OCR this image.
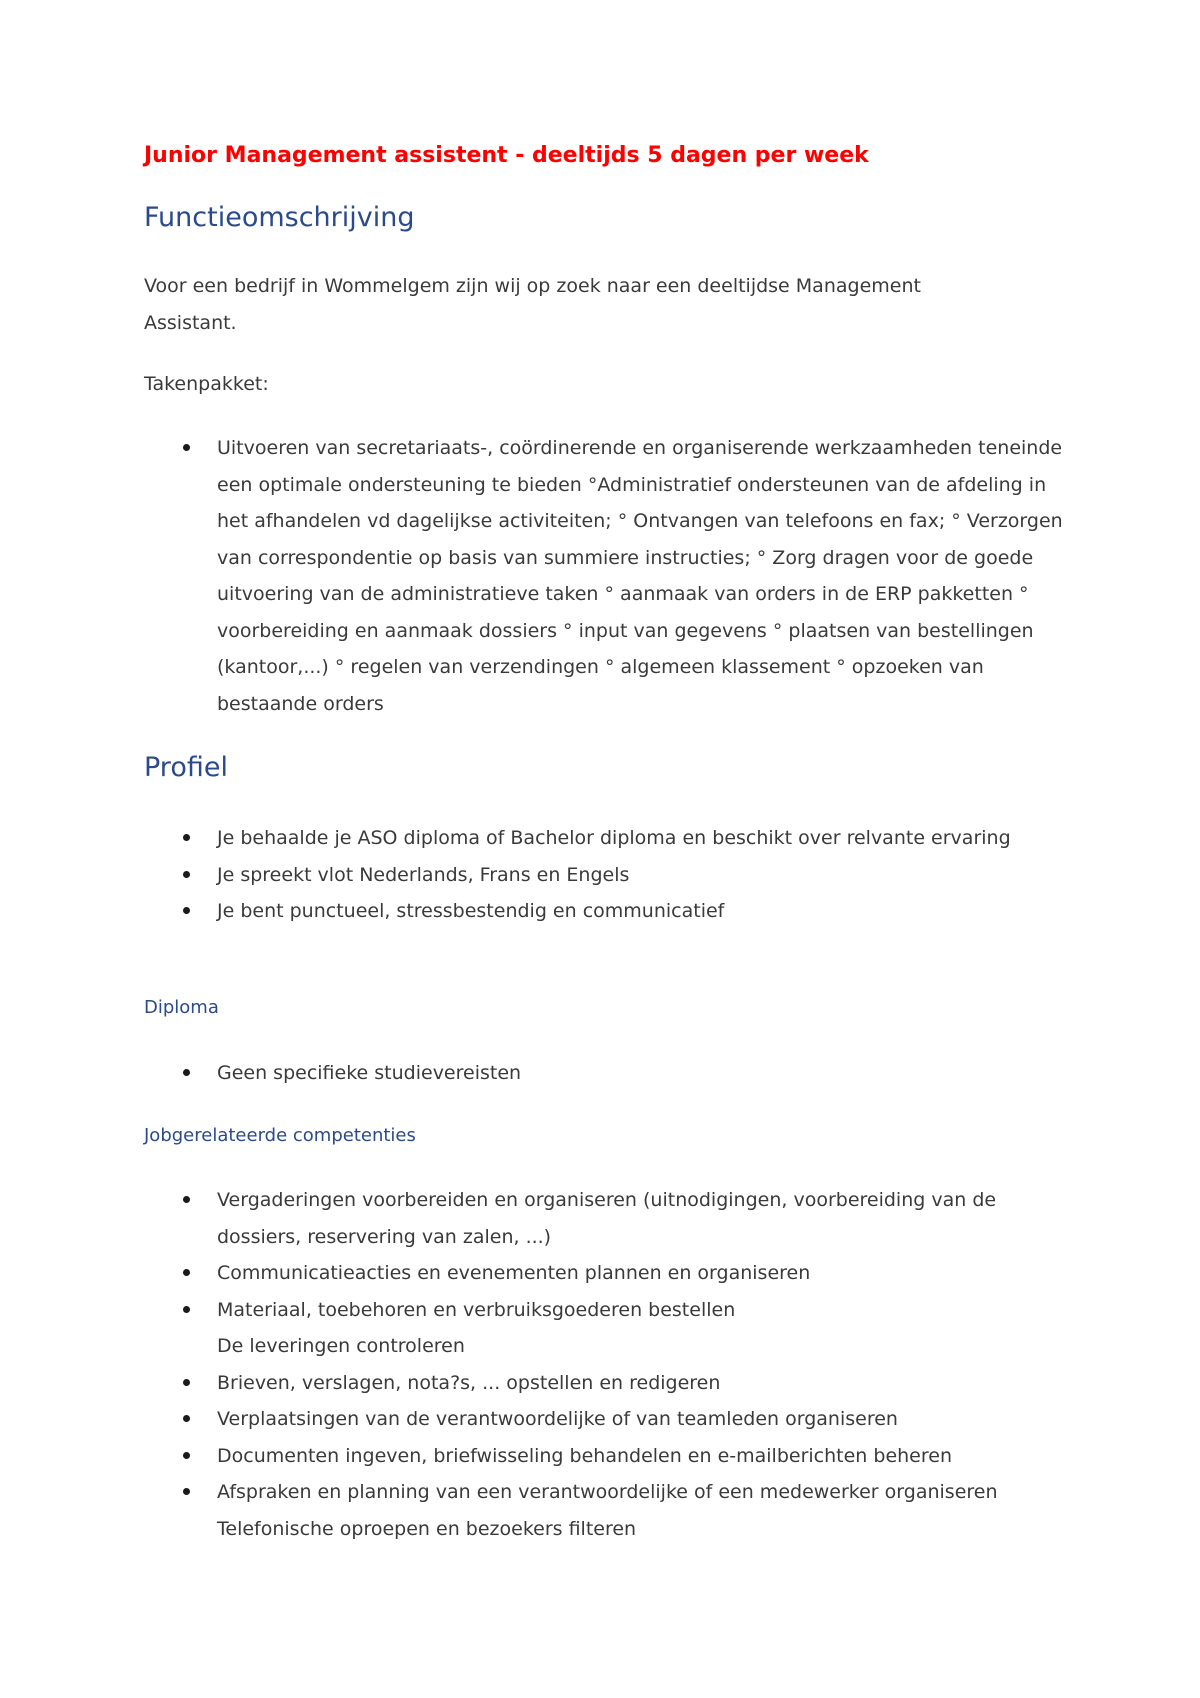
Junior Management assistent - deeltijds 5 dagen per week
Functieomschrijving

Voor een bedrijf in Wommelgem zijn wij op zoek naar een deeltijdse Management Assistant.

Takenpakket:

Uitvoeren van secretariaats-, coördinerende en organiserende werkzaamheden teneinde een optimale ondersteuning te bieden °Administratief ondersteunen van de afdeling in het afhandelen vd dagelijkse activiteiten; ° Ontvangen van telefoons en fax; ° Verzorgen van correspondentie op basis van summiere instructies; ° Zorg dragen voor de goede uitvoering van de administratieve taken ° aanmaak van orders in de ERP pakketten ° voorbereiding en aanmaak dossiers ° input van gegevens ° plaatsen van bestellingen (kantoor,...) ° regelen van verzendingen ° algemeen klassement ° opzoeken van bestaande orders
Profiel
Je behaalde je ASO diploma of Bachelor diploma en beschikt over relvante ervaring
Je spreekt vlot Nederlands, Frans en Engels
Je bent punctueel, stressbestendig en communicatief
Diploma
Geen specifieke studievereisten
Jobgerelateerde competenties
Vergaderingen voorbereiden en organiseren (uitnodigingen, voorbereiding van de dossiers, reservering van zalen, ...)
Communicatieacties en evenementen plannen en organiseren
Materiaal, toebehoren en verbruiksgoederen bestellen
De leveringen controleren
Brieven, verslagen, nota?s, ... opstellen en redigeren
Verplaatsingen van de verantwoordelijke of van teamleden organiseren
Documenten ingeven, briefwisseling behandelen en e-mailberichten beheren
Afspraken en planning van een verantwoordelijke of een medewerker organiseren
Telefonische oproepen en bezoekers filteren
